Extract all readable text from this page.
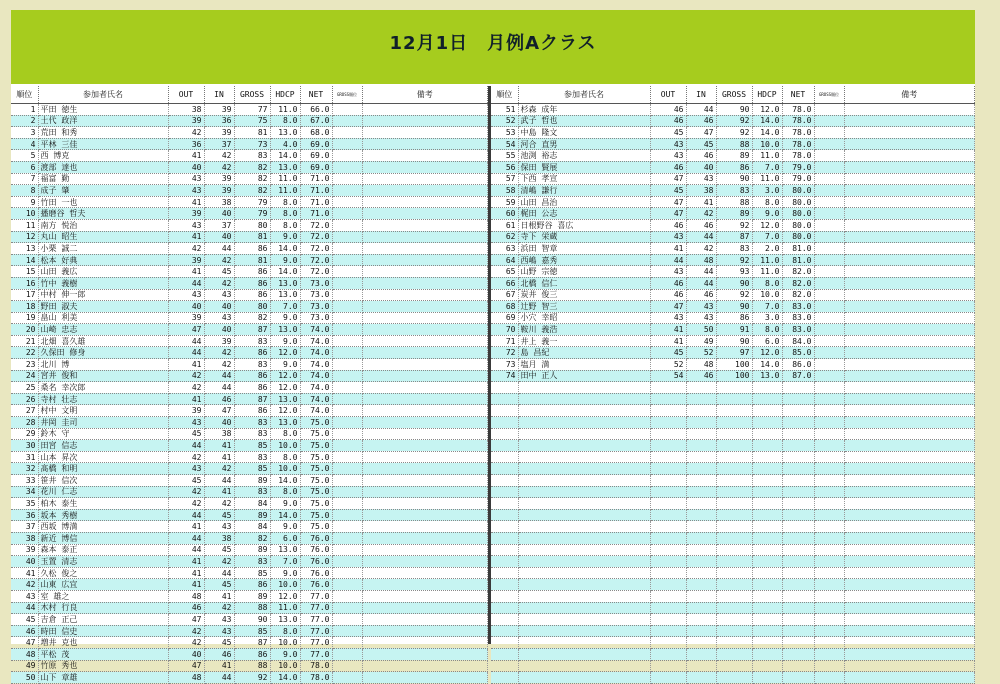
12月1日　月例Aクラス
順位	参加者氏名	OUT	IN	GROSS	HDCP	NET	GROSS順位	備考
1	平田 徳生	38	39	77	11.0	66.0		
2	土代 政洋	39	36	75	8.0	67.0		
3	荒田 和秀	42	39	81	13.0	68.0		
4	平林 三佳	36	37	73	4.0	69.0		
5	西 博克	41	42	83	14.0	69.0		
6	渡部 達也	40	42	82	13.0	69.0		
7	福富 勤	43	39	82	11.0	71.0		
8	成子 肇	43	39	82	11.0	71.0		
9	竹田 一也	41	38	79	8.0	71.0		
10	播磨谷 哲夫	39	40	79	8.0	71.0		
11	南方 悦治	43	37	80	8.0	72.0		
12	丸山 昭生	41	40	81	9.0	72.0		
13	小栗 誠二	42	44	86	14.0	72.0		
14	松本 好典	39	42	81	9.0	72.0		
15	山田 義広	41	45	86	14.0	72.0		
16	竹中 義樹	44	42	86	13.0	73.0		
17	中村 伸一郎	43	43	86	13.0	73.0		
18	野田 淑夫	40	40	80	7.0	73.0		
19	畠山 利美	39	43	82	9.0	73.0		
20	山崎 忠志	47	40	87	13.0	74.0		
21	北畑 喜久雄	44	39	83	9.0	74.0		
22	久保田 修身	44	42	86	12.0	74.0		
23	北川 博	41	42	83	9.0	74.0		
24	宮井 俊和	42	44	86	12.0	74.0		
25	桑名 幸次郎	42	44	86	12.0	74.0		
26	寺村 壮志	41	46	87	13.0	74.0		
27	村中 文明	39	47	86	12.0	74.0		
28	井岡 圭司	43	40	83	13.0	75.0		
29	鈴木 守	45	38	83	8.0	75.0		
30	田宮 信志	44	41	85	10.0	75.0		
31	山本 昇次	42	41	83	8.0	75.0		
32	髙橋 和明	43	42	85	10.0	75.0		
33	笹井 信次	45	44	89	14.0	75.0		
34	花川 仁志	42	41	83	8.0	75.0		
35	柏木 泰生	42	42	84	9.0	75.0		
36	坂本 秀樹	44	45	89	14.0	75.0		
37	西坂 博満	41	43	84	9.0	75.0		
38	新近 博信	44	38	82	6.0	76.0		
39	森本 泰正	44	45	89	13.0	76.0		
40	玉置 清志	41	42	83	7.0	76.0		
41	久松 俊之	41	44	85	9.0	76.0		
42	山東 広宜	41	45	86	10.0	76.0		
43	室 雄之	48	41	89	12.0	77.0		
44	木村 行良	46	42	88	11.0	77.0		
45	吉倉 正己	47	43	90	13.0	77.0		
46	時田 信史	42	43	85	8.0	77.0		
47	増井 克也	42	45	87	10.0	77.0		
48	平松 茂	40	46	86	9.0	77.0		
49	竹原 秀也	47	41	88	10.0	78.0		
50	山下 章雄	48	44	92	14.0	78.0		
順位	参加者氏名	OUT	IN	GROSS	HDCP	NET	GROSS順位	備考
51	杉森 成年	46	44	90	12.0	78.0		
52	武子 哲也	46	46	92	14.0	78.0		
53	中島 隆文	45	47	92	14.0	78.0		
54	河合 直男	43	45	88	10.0	78.0		
55	池渕 裕志	43	46	89	11.0	78.0		
56	保田 賢展	46	40	86	7.0	79.0		
57	下西 孝宣	47	43	90	11.0	79.0		
58	清嶋 謙行	45	38	83	3.0	80.0		
59	山田 昌治	47	41	88	8.0	80.0		
60	梶田 公志	47	42	89	9.0	80.0		
61	日根野谷 喜広	46	46	92	12.0	80.0		
62	寺下 栄蔵	43	44	87	7.0	80.0		
63	浜田 智章	41	42	83	2.0	81.0		
64	西嶋 嘉秀	44	48	92	11.0	81.0		
65	山野 宗徳	43	44	93	11.0	82.0		
66	北橋 信仁	46	44	90	8.0	82.0		
67	炭井 俊三	46	46	92	10.0	82.0		
68	辻野 智三	47	43	90	7.0	83.0		
69	小穴 幸昭	43	43	86	3.0	83.0		
70	鞍川 義浩	41	50	91	8.0	83.0		
71	井上 義一	41	49	90	6.0	84.0		
72	島 昌紀	45	52	97	12.0	85.0		
73	塩月 満	52	48	100	14.0	86.0		
74	田中 正人	54	46	100	13.0	87.0		
